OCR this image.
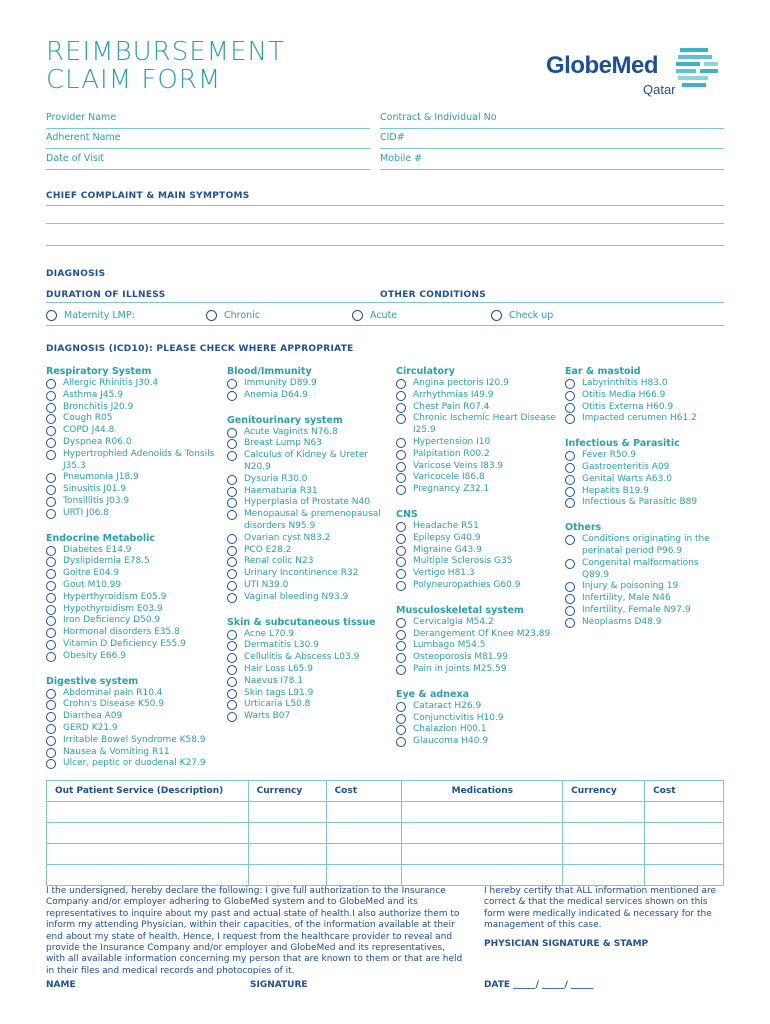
REIMBURSEMENT
CLAIM FORM	GlobeMed
Qatar
Provider Name	Contract & Individual No
Adherent Name	CID#
Date of Visit	Mobile #
CHIEF COMPLAINT & MAIN SYMPTOMS
DIAGNOSIS
DURATION OF ILLNESS	OTHER CONDITIONS
Maternity LMP:	Chronic	Acute	Check up
DIAGNOSIS (ICD10): PLEASE CHECK WHERE APPROPRIATE
Respiratory System
Allergic Rhinitis J30.4
Asthma J45.9
Bronchitis J20.9
Cough R05
COPD J44.8
Dyspnea R06.0
Hypertrophied Adenoids & Tonsils J35.3
Pneumonia J18.9
Sinusitis J01.9
Tonsillitis J03.9
URTI J06.8
Endocrine Metabolic
Diabetes E14.9
Dyslipidemia E78.5
Goitre E04.9
Gout M10.99
Hyperthyroidism E05.9
Hypothyroidism E03.9
Iron Deficiency D50.9
Hormonal disorders E35.8
Vitamin D Deficiency E55.9
Obesity E66.9
Digestive system
Abdominal pain R10.4
Crohn's Disease K50.9
Diarrhea A09
GERD K21.9
Irritable Bowel Syndrome K58.9
Nausea & Vomiting R11
Ulcer, peptic or duodenal K27.9
Blood/Immunity
Immunity D89.9
Anemia D64.9
Genitourinary system
Acute Vaginits N76.8
Breast Lump N63
Calculus of Kidney & Ureter N20.9
Dysuria R30.0
Haematuria R31
Hyperplasia of Prostate N40
Menopausal & premenopausal disorders N95.9
Ovarian cyst N83.2
PCO E28.2
Renal colic N23
Urinary Incontinence R32
UTI N39.0
Vaginal bleeding N93.9
Skin & subcutaneous tissue
Acne L70.9
Dermatitis L30.9
Cellulitis & Abscess L03.9
Hair Loss L65.9
Naevus I78.1
Skin tags L91.9
Urticaria L50.8
Warts B07
Circulatory
Angina pectoris I20.9
Arrhythmias I49.9
Chest Pain R07.4
Chronic Ischemic Heart Disease I25.9
Hypertension I10
Palpitation R00.2
Varicose Veins I83.9
Varicocele I86.8
Pregnancy Z32.1
CNS
Headache R51
Epilepsy G40.9
Migraine G43.9
Multiple Sclerosis G35
Vertigo H81.3
Polyneuropathies G60.9
Musculoskeletal system
Cervicalgia M54.2
Derangement Of Knee M23.89
Lumbago M54.5
Osteoporosis M81.99
Pain in joints M25.59
Eye & adnexa
Cataract H26.9
Conjunctivitis H10.9
Chalazion H00.1
Glaucoma H40.9
Ear & mastoid
Labyrinthitis H83.0
Otitis Media H66.9
Otitis Externa H60.9
Impacted cerumen H61.2
Infectious & Parasitic
Fever R50.9
Gastroenteritis A09
Genital Warts A63.0
Hepatits B19.9
Infectious & Parasitic B89
Others
Conditions originating in the perinatal period P96.9
Congenital malformations Q89.9
Injury & poisoning 19
Infertility, Male N46
Infertility, Female N97.9
Neoplasms D48.9
Out Patient Service (Description)	Currency	Cost	Medications	Currency	Cost

I the undersigned, hereby declare the following: I give full authorization to the Insurance Company and/or employer adhering to GlobeMed system and to GlobeMed and its representatives to inquire about my past and actual state of health.I also authorize them to inform my attending Physician, within their capacities, of the information available at their end about my state of health. Hence, I request from the healthcare provider to reveal and provide the Insurance Company and/or employer and GlobeMed and its representatives, with all available information concerning my person that are known to them or that are held in their files and medical records and photocopies of it.
I hereby certify that ALL information mentioned are correct & that the medical services shown on this form were medically indicated & necessary for the management of this case.
PHYSICIAN SIGNATURE & STAMP
NAME	SIGNATURE	DATE _____/ _____/ _____
